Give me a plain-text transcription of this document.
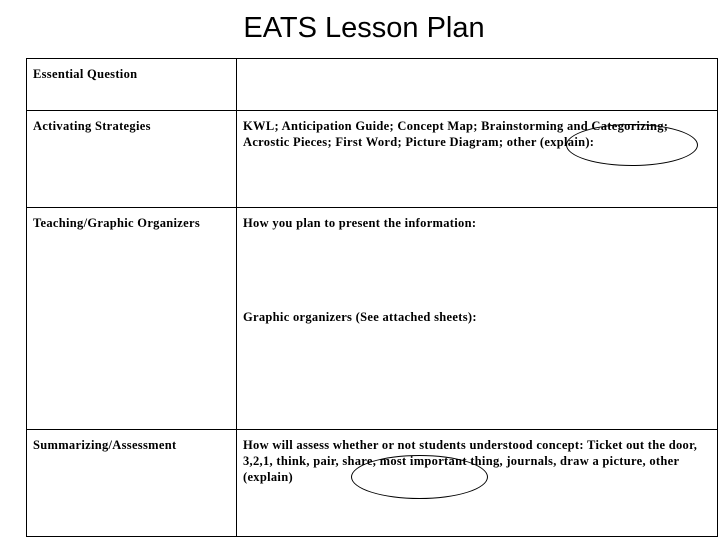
EATS Lesson Plan
Essential Question	
Activating Strategies	KWL; Anticipation Guide; Concept Map; Brainstorming and Categorizing; Acrostic Pieces; First Word; Picture Diagram; other (explain):
Teaching/Graphic Organizers	How you plan to present the information:
Graphic organizers (See attached sheets):

Summarizing/Assessment	How will assess whether or not students understood concept: Ticket out the door, 3,2,1, think, pair, share, most important thing, journals, draw a picture, other (explain)
